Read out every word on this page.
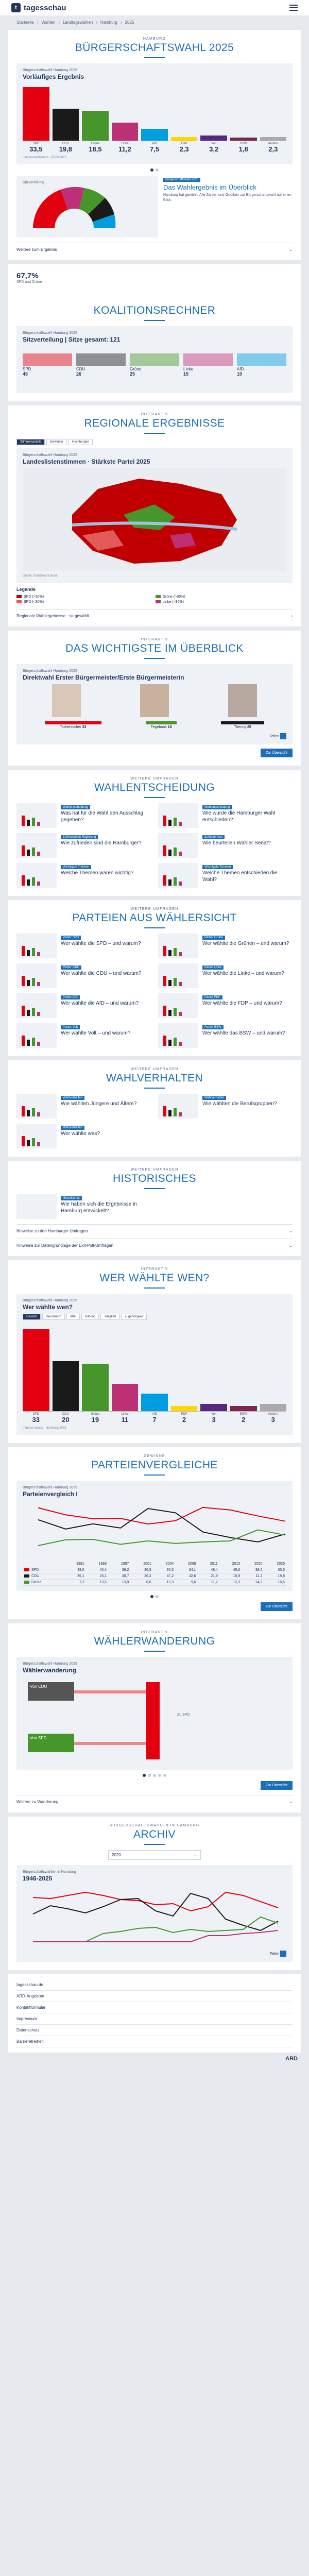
t tagesschau
Startseite › Wahlen › Landtagswahlen › Hamburg › 2025
HAMBURG
BÜRGERSCHAFTSWAHL 2025
Bürgerschaftswahl Hamburg 2025
Vorläufiges Ergebnis
SPD
33,5
CDU
19,8
Grüne
18,5
Linke
11,2
AfD
7,5
FDP
2,3
Volt
3,2
BSW
1,8
Andere
2,3
Landeswahlleiterin · 03.03.2025
Sitzverteilung
Bürgerschaftswahl 2025
Das Wahlergebnis im Überblick
Hamburg hat gewählt: Alle Zahlen und Grafiken zur Bürgerschaftswahl auf einen Blick.
Weitere zum Ergebnis	⌄
67,7%
SPD und Grüne
KOALITIONSRECHNER
Bürgerschaftswahl Hamburg 2025
Sitzverteilung | Sitze gesamt: 121
SPD
45
CDU
26
Grüne
25
Linke
15
AfD
10
INTERAKTIV
REGIONALE ERGEBNISSE
Stimmenanteile	Gewinner	Hochburgen
Bürgerschaftswahl Hamburg 2025
Landeslistenstimmen · Stärkste Partei 2025
Quelle: Statistikamt Nord
Legende
SPD (>30%)	Grüne (>30%)
SPD (<30%)	Linke (>30%)
Regionale Wahlergebnisse · so gewählt	›
INTERAKTIV
DAS WICHTIGSTE IM ÜBERBLICK
Bürgerschaftswahl Hamburg 2025
Direktwahl Erster Bürgermeister/Erste Bürgermeisterin
Tschentscher 33	Fegebank 18	Thering 25
Teilen
Zur Übersicht
WEITERE UMFRAGEN
WAHLENTSCHEIDUNG
Wahlentscheidung
Was hat für die Wahl den Ausschlag gegeben?
Wahlentscheidung
Wie wurde die Hamburger Wahl entschieden?
Zufriedenheit Regierung
Wie zufrieden sind die Hamburger?
Zufriedenheit
Wie beurteilen Wähler Senat?
Wichtigste Themen
Welche Themen waren wichtig?
Wichtigste Themen
Welche Themen entschieden die Wahl?
WEITERE UMFRAGEN
PARTEIEN AUS WÄHLERSICHT
Partei: SPD
Wer wählte die SPD – und warum?
Partei: Grüne
Wer wählte die Grünen – und warum?
Partei: CDU
Wer wählte die CDU – und warum?
Partei: Linke
Wer wählte die Linke – und warum?
Partei: AfD
Wer wählte die AfD – und warum?
Partei: FDP
Wer wählte die FDP – und warum?
Partei: Volt
Wer wählte Volt – und warum?
Partei: BSW
Wer wählte das BSW – und warum?
WEITERE UMFRAGEN
WAHLVERHALTEN
Wahlverhalten
Wie wählten Jüngere und Ältere?
Wahlverhalten
Wie wählten die Berufsgruppen?
Wahlverhalten
Wer wählte was?
WEITERE UMFRAGEN
HISTORISCHES
Historisches
Wie haben sich die Ergebnisse in Hamburg entwickelt?
Hinweise zu den Hamburger Umfragen	⌄
Hinweise zur Datengrundlage der Exit-Poll-Umfragen	⌄
INTERAKTIV
WER WÄHLTE WEN?
Bürgerschaftswahl Hamburg 2025
Wer wählte wen?
Gesamt	Geschlecht	Alter	Bildung	Tätigkeit	Zugehörigkeit
SPD
33
CDU
20
Grüne
19
Linke
11
AfD
7
FDP
2
Volt
3
BSW
2
Andere
3
Infratest dimap · Hamburg 2025
GEWINNE
PARTEIENVERGLEICHE
Bürgerschaftswahl Hamburg 2025
Parteienvergleich I
	1991	1993	1997	2001	2004	2008	2011	2015	2020	2025
SPD	48,0	40,4	36,2	36,5	30,5	34,1	48,4	45,6	39,2	33,5
CDU	35,1	25,1	30,7	26,2	47,2	42,6	21,9	15,9	11,2	19,8
Grüne	7,2	13,5	13,9	8,6	12,3	9,6	11,2	12,3	24,2	18,5
Zur Übersicht
INTERAKTIV
WÄHLERWANDERUNG
Bürgerschaftswahl Hamburg 2025
Wählerwanderung
Von CDU
Von SPD
Zu SPD
Zur Übersicht
Weitere zu Wanderung	⌄
BÜRGERSCHAFTSWAHLEN IN HAMBURG
ARCHIV
2020	⌄
Bürgerschaftswahlen in Hamburg
1946-2025
Teilen
tagesschau.de
ARD-Angebote
Kontaktformular
Impressum
Datenschutz
Barrierefreiheit
ARD
